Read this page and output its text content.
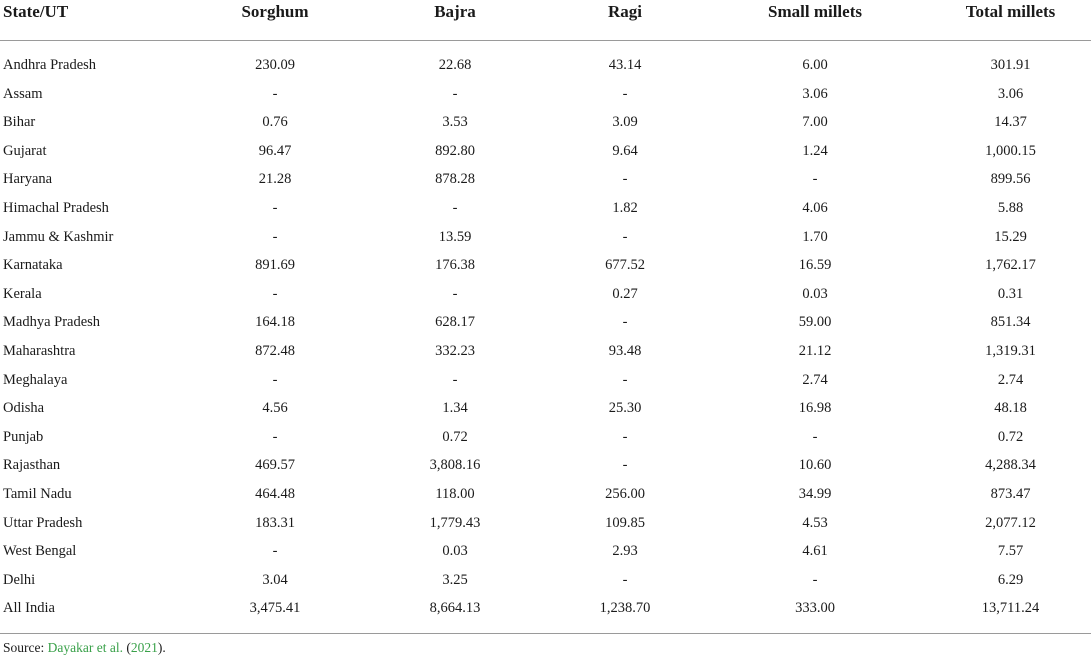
State/UT	Sorghum	Bajra	Ragi	Small millets	Total millets
Andhra Pradesh	230.09	22.68	43.14	6.00	301.91
Assam	-	-	-	3.06	3.06
Bihar	0.76	3.53	3.09	7.00	14.37
Gujarat	96.47	892.80	9.64	1.24	1,000.15
Haryana	21.28	878.28	-	-	899.56
Himachal Pradesh	-	-	1.82	4.06	5.88
Jammu & Kashmir	-	13.59	-	1.70	15.29
Karnataka	891.69	176.38	677.52	16.59	1,762.17
Kerala	-	-	0.27	0.03	0.31
Madhya Pradesh	164.18	628.17	-	59.00	851.34
Maharashtra	872.48	332.23	93.48	21.12	1,319.31
Meghalaya	-	-	-	2.74	2.74
Odisha	4.56	1.34	25.30	16.98	48.18
Punjab	-	0.72	-	-	0.72
Rajasthan	469.57	3,808.16	-	10.60	4,288.34
Tamil Nadu	464.48	118.00	256.00	34.99	873.47
Uttar Pradesh	183.31	1,779.43	109.85	4.53	2,077.12
West Bengal	-	0.03	2.93	4.61	7.57
Delhi	3.04	3.25	-	-	6.29
All India	3,475.41	8,664.13	1,238.70	333.00	13,711.24
Source: Dayakar et al. (2021).
